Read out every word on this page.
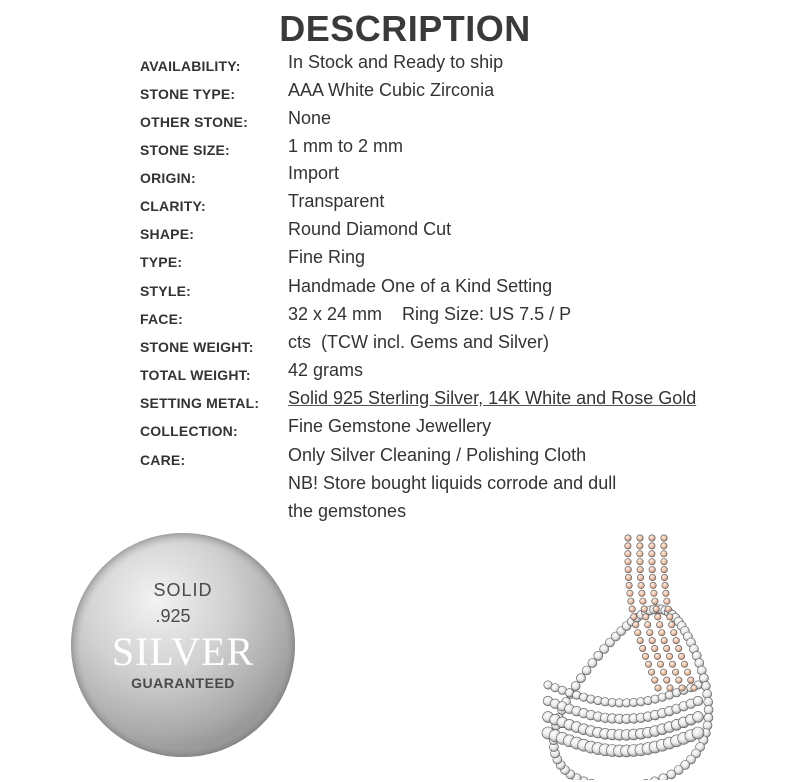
DESCRIPTION
AVAILABILITY:	In Stock and Ready to ship
STONE TYPE:	AAA White Cubic Zirconia
OTHER STONE: None
STONE SIZE:	1 mm to 2 mm
ORIGIN:	Import
CLARITY:	Transparent
SHAPE:	Round Diamond Cut
TYPE:	Fine Ring
STYLE:	Handmade One of a Kind Setting
FACE:	32 x 24 mm    Ring Size: US 7.5 / P
STONE WEIGHT: cts  (TCW incl. Gems and Silver)
TOTAL WEIGHT: 42 grams
SETTING METAL: Solid 925 Sterling Silver, 14K White and Rose Gold
COLLECTION:	Fine Gemstone Jewellery
CARE:	Only Silver Cleaning / Polishing Cloth
NB! Store bought liquids corrode and dull
the gemstones
SOLID
.925
SILVER
GUARANTEED
